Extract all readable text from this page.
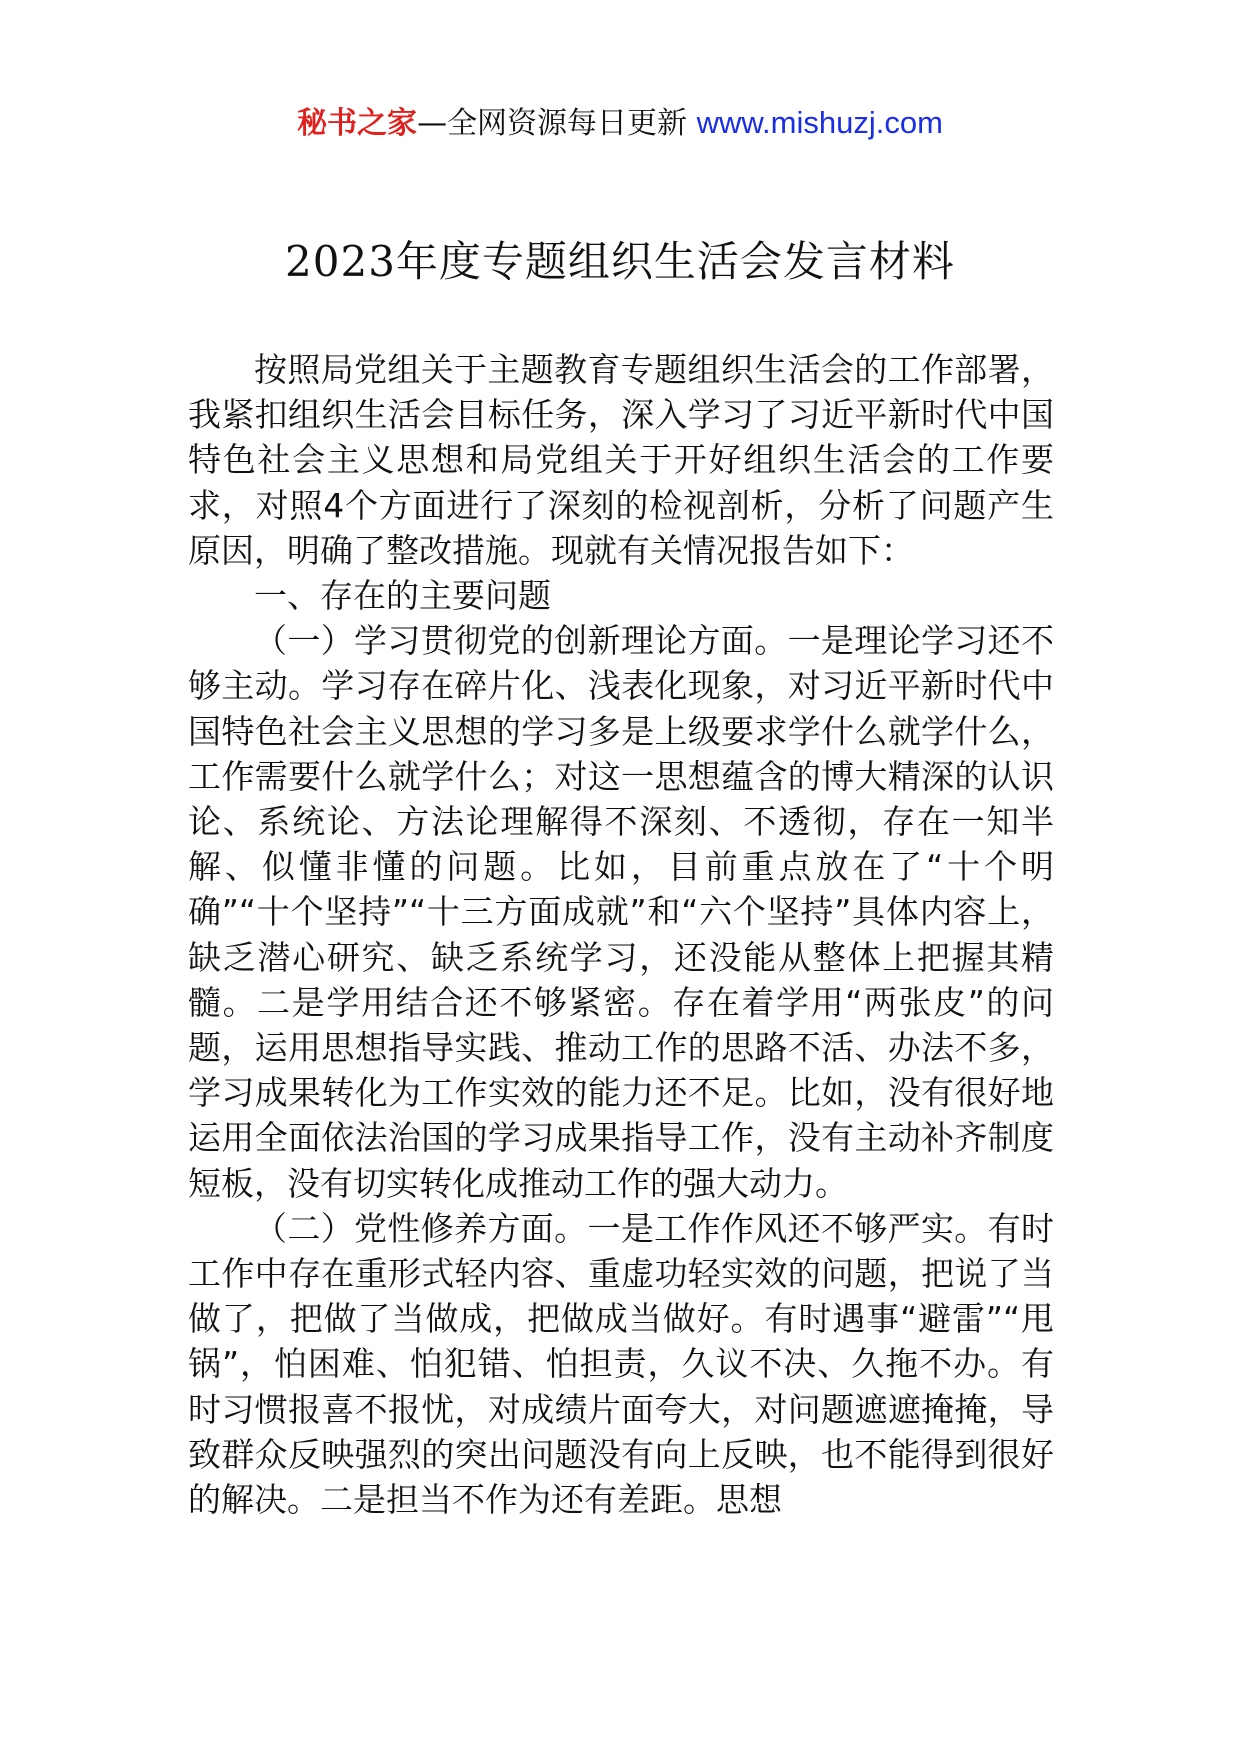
秘书之家—全网资源每日更新 www.mishuzj.com
2023年度专题组织生活会发言材料

按照局党组关于主题教育专题组织生活会的工作部署，我紧扣组织生活会目标任务，深入学习了习近平新时代中国特色社会主义思想和局党组关于开好组织生活会的工作要求，对照4个方面进行了深刻的检视剖析，分析了问题产生原因，明确了整改措施。现就有关情况报告如下：

一、存在的主要问题

（一）学习贯彻党的创新理论方面。一是理论学习还不够主动。学习存在碎片化、浅表化现象，对习近平新时代中国特色社会主义思想的学习多是上级要求学什么就学什么，工作需要什么就学什么；对这一思想蕴含的博大精深的认识论、系统论、方法论理解得不深刻、不透彻，存在一知半解、似懂非懂的问题。比如，目前重点放在了“十个明确”“十个坚持”“十三方面成就”和“六个坚持”具体内容上，缺乏潜心研究、缺乏系统学习，还没能从整体上把握其精髓。二是学用结合还不够紧密。存在着学用“两张皮”的问题，运用思想指导实践、推动工作的思路不活、办法不多，学习成果转化为工作实效的能力还不足。比如，没有很好地运用全面依法治国的学习成果指导工作，没有主动补齐制度短板，没有切实转化成推动工作的强大动力。

（二）党性修养方面。一是工作作风还不够严实。有时工作中存在重形式轻内容、重虚功轻实效的问题，把说了当做了，把做了当做成，把做成当做好。有时遇事“避雷”“甩锅”，怕困难、怕犯错、怕担责，久议不决、久拖不办。有时习惯报喜不报忧，对成绩片面夸大，对问题遮遮掩掩，导致群众反映强烈的突出问题没有向上反映，也不能得到很好的解决。二是担当不作为还有差距。思想
